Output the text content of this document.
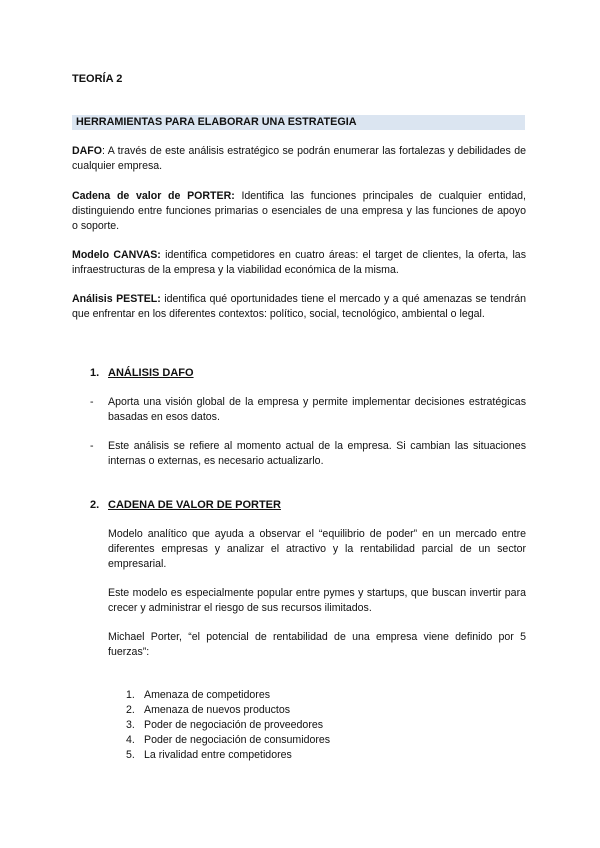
TEORÍA 2
HERRAMIENTAS PARA ELABORAR UNA ESTRATEGIA
DAFO: A través de este análisis estratégico se podrán enumerar las fortalezas y debilidades de cualquier empresa.
Cadena de valor de PORTER: Identifica las funciones principales de cualquier entidad, distinguiendo entre funciones primarias o esenciales de una empresa y las funciones de apoyo o soporte.
Modelo CANVAS: identifica competidores en cuatro áreas: el target de clientes, la oferta, las infraestructuras de la empresa y la viabilidad económica de la misma.
Análisis PESTEL: identifica qué oportunidades tiene el mercado y a qué amenazas se tendrán que enfrentar en los diferentes contextos: político, social, tecnológico, ambiental o legal.
1. ANÁLISIS DAFO
- Aporta una visión global de la empresa y permite implementar decisiones estratégicas basadas en esos datos.
- Este análisis se refiere al momento actual de la empresa. Si cambian las situaciones internas o externas, es necesario actualizarlo.
2. CADENA DE VALOR DE PORTER
Modelo analítico que ayuda a observar el “equilibrio de poder” en un mercado entre diferentes empresas y analizar el atractivo y la rentabilidad parcial de un sector empresarial.
Este modelo es especialmente popular entre pymes y startups, que buscan invertir para crecer y administrar el riesgo de sus recursos ilimitados.
Michael Porter, “el potencial de rentabilidad de una empresa viene definido por 5 fuerzas”:
1. Amenaza de competidores
2. Amenaza de nuevos productos
3. Poder de negociación de proveedores
4. Poder de negociación de consumidores
5. La rivalidad entre competidores
